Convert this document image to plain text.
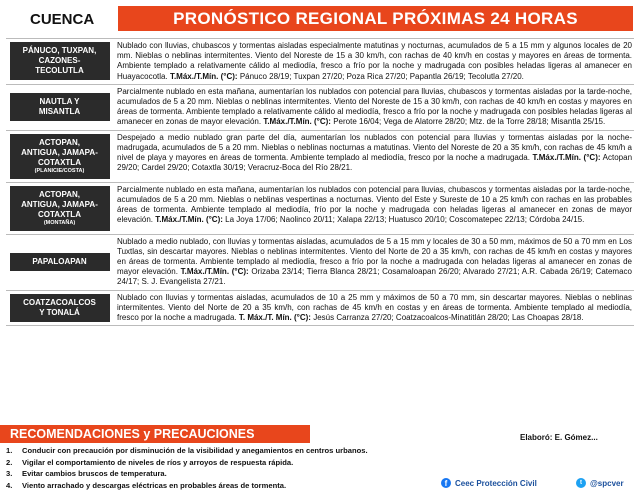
CUENCA	PRONÓSTICO REGIONAL PRÓXIMAS 24 HORAS
PÁNUCO, TUXPAN,
CAZONES-
TECOLUTLA
Nublado con lluvias, chubascos y tormentas aisladas especialmente matutinas y nocturnas, acumulados de 5 a 15 mm y algunos locales de 20 mm. Nieblas o neblinas intermitentes. Viento del Noreste de 15 a 30 km/h, con rachas de 40 km/h en costas y mayores en áreas de tormenta. Ambiente templado a relativamente cálido al mediodía, fresco a frío por la noche y madrugada con posibles heladas ligeras al amanecer en Huayacocotla. T.Máx./T.Mín. (°C): Pánuco 28/19; Tuxpan 27/20; Poza Rica 27/20; Papantla 26/19; Tecolutla 27/20.
NAUTLA Y
MISANTLA
Parcialmente nublado en esta mañana, aumentarían los nublados con potencial para lluvias, chubascos y tormentas aisladas por la tarde-noche, acumulados de 5 a 20 mm. Nieblas o neblinas intermitentes. Viento del Noreste de 15 a 30 km/h, con rachas de 40 km/h en costas y mayores en áreas de tormenta. Ambiente templado a relativamente cálido al mediodía, fresco a frío por la noche y madrugada con posibles heladas ligeras al amanecer en zonas de mayor elevación. T.Máx./T.Mín. (°C): Perote 16/04; Vega de Alatorre 28/20; Mtz. de la Torre 28/18; Misantla 25/15.
ACTOPAN,
ANTIGUA, JAMAPA-
COTAXTLA
(PLANICIE/COSTA)
Despejado a medio nublado gran parte del día, aumentarían los nublados con potencial para lluvias y tormentas aisladas por la noche-madrugada, acumulados de 5 a 20 mm. Nieblas o neblinas nocturnas a matutinas. Viento del Noreste de 20 a 35 km/h, con rachas de 45 km/h a nivel de playa y mayores en áreas de tormenta. Ambiente templado al mediodía, fresco por la noche a madrugada. T.Máx./T.Mín. (°C): Actopan 29/20; Cardel 29/20; Cotaxtla 30/19; Veracruz-Boca del Río 28/21.
ACTOPAN,
ANTIGUA, JAMAPA-
COTAXTLA
(MONTAÑA)
Parcialmente nublado en esta mañana, aumentarían los nublados con potencial para lluvias, chubascos y tormentas aisladas por la tarde-noche, acumulados de 5 a 20 mm. Nieblas o neblinas vespertinas a nocturnas. Viento del Este y Sureste de 10 a 25 km/h con rachas en las probables áreas de tormenta. Ambiente templado al mediodía, frío por la noche y madrugada con heladas ligeras al amanecer en zonas de mayor elevación. T.Máx./T.Mín. (°C): La Joya 17/06; Naolinco 20/11; Xalapa 22/13; Huatusco 20/10; Coscomatepec 22/13; Córdoba 24/15.
PAPALOAPAN
Nublado a medio nublado, con lluvias y tormentas aisladas, acumulados de 5 a 15 mm y locales de 30 a 50 mm, máximos de 50 a 70 mm en Los Tuxtlas, sin descartar mayores. Nieblas o neblinas intermitentes. Viento del Norte de 20 a 35 km/h, con rachas de 45 km/h en costas y mayores en áreas de tormenta. Ambiente templado al mediodía, fresco a frío por la noche a madrugada con heladas ligeras al amanecer en zonas de mayor elevación. T.Máx./T.Mín. (°C): Orizaba 23/14; Tierra Blanca 28/21; Cosamaloapan 26/20; Alvarado 27/21; A.R. Cabada 26/19; Catemaco 24/17; S. J. Evangelista 27/21.
COATZACOALCOS
Y TONALÁ
Nublado con lluvias y tormentas aisladas, acumulados de 10 a 25 mm y máximos de 50 a 70 mm, sin descartar mayores. Nieblas o neblinas intermitentes. Viento del Norte de 20 a 35 km/h, con rachas de 45 km/h en costas y en áreas de tormenta. Ambiente templado al mediodía, fresco por la noche a madrugada. T. Máx./T. Mín. (°C): Jesús Carranza 27/20; Coatzacoalcos-Minatitlán 28/20; Las Choapas 28/18.
RECOMENDACIONES y PRECAUCIONES	Elaboró: E. Gómez...
1.	Conducir con precaución por disminución de la visibilidad y anegamientos en centros urbanos.
2.	Vigilar el comportamiento de niveles de ríos y arroyos de respuesta rápida.
3.	Evitar cambios bruscos de temperatura.
4.	Viento arrachado y descargas eléctricas en probables áreas de tormenta.	f Ceec Protección Civil	t	@spcver
